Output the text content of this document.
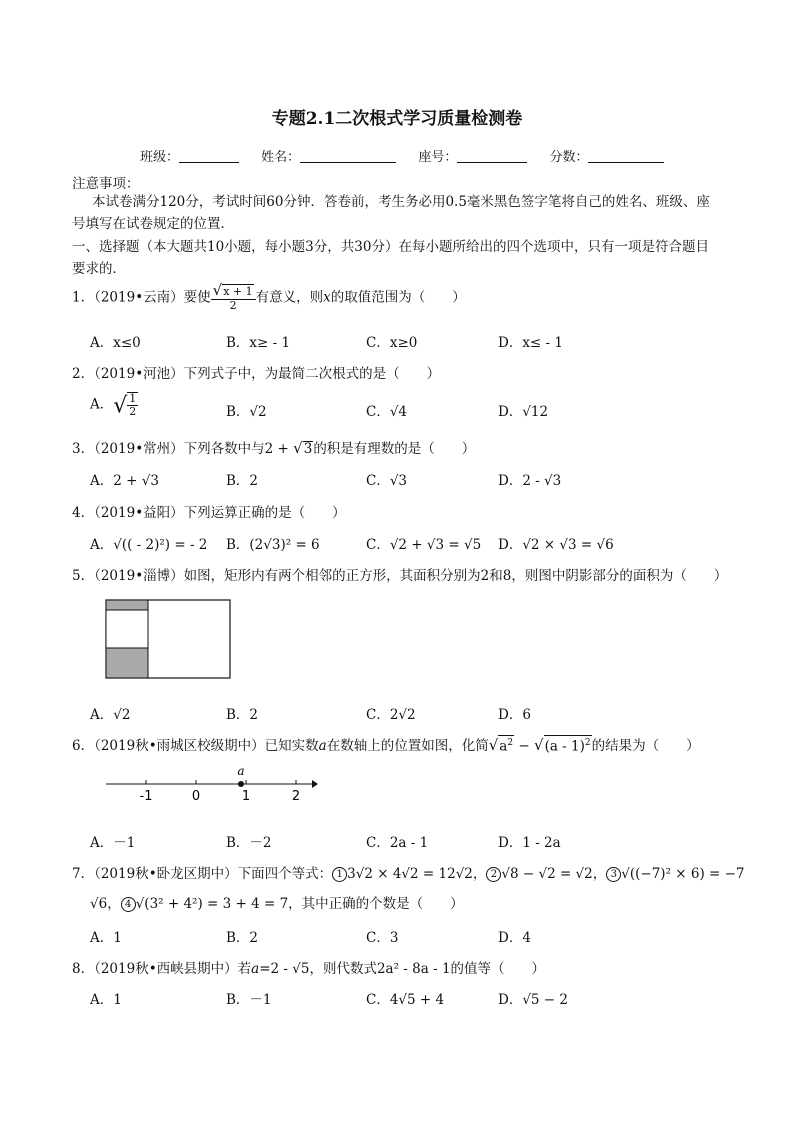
专题2.1二次根式学习质量检测卷
班级：	姓名：	座号：	分数：
注意事项：
本试卷满分120分，考试时间60分钟．答卷前，考生务必用0.5毫米黑色签字笔将自己的姓名、班级、座号填写在试卷规定的位置．
一、选择题（本大题共10小题，每小题3分，共30分）在每小题所给出的四个选项中，只有一项是符合题目要求的．
1．（2019•云南）要使 $\frac{√x + 1}{2}$ 有意义，则x的取值范围为（　　）
A．x≤0	B．x≥ - 1	C．x≥0	D．x≤ - 1
2．（2019•河池）下列式子中，为最简二次根式的是（　　）
A．√ $\frac{1}{2}$	B．√2	C．√4	D．√12
3．（2019•常州）下列各数中与2 + √3的积是有理数的是（　　）
A．2 + √3	B．2	C．√3	D．2 - √3
4．（2019•益阳）下列运算正确的是（　　）
A．√(( - 2)²) = - 2 B．(2√3)² = 6	C．√2 + √3 = √5 D．√2 × √3 = √6
5．（2019•淄博）如图，矩形内有两个相邻的正方形，其面积分别为2和8，则图中阴影部分的面积为（　　）
A．√2	B．2	C．2√2	D．6
6．（2019秋•雨城区校级期中）已知实数a在数轴上的位置如图，化简$√a^2 - √(a - 1)^2$的结果为（　　）
-1	0	1	2
a
A．－1	B．－2	C．2a - 1	D．1 - 2a
7．（2019秋•卧龙区期中）下面四个等式： 1 3√2 × 4√2 = 12√2， 2 √8 − √2 = √2， 3 √((−7)² × 6) = −7
√6， 4 √(3² + 4²) = 3 + 4 = 7，其中正确的个数是（　　）
A．1	B．2	C．3	D．4
8．（2019秋•西峡县期中）若a=2 - √5，则代数式2a² - 8a - 1的值等（　　）
A．1	B．－1	C．4√5 + 4	D．√5 − 2
